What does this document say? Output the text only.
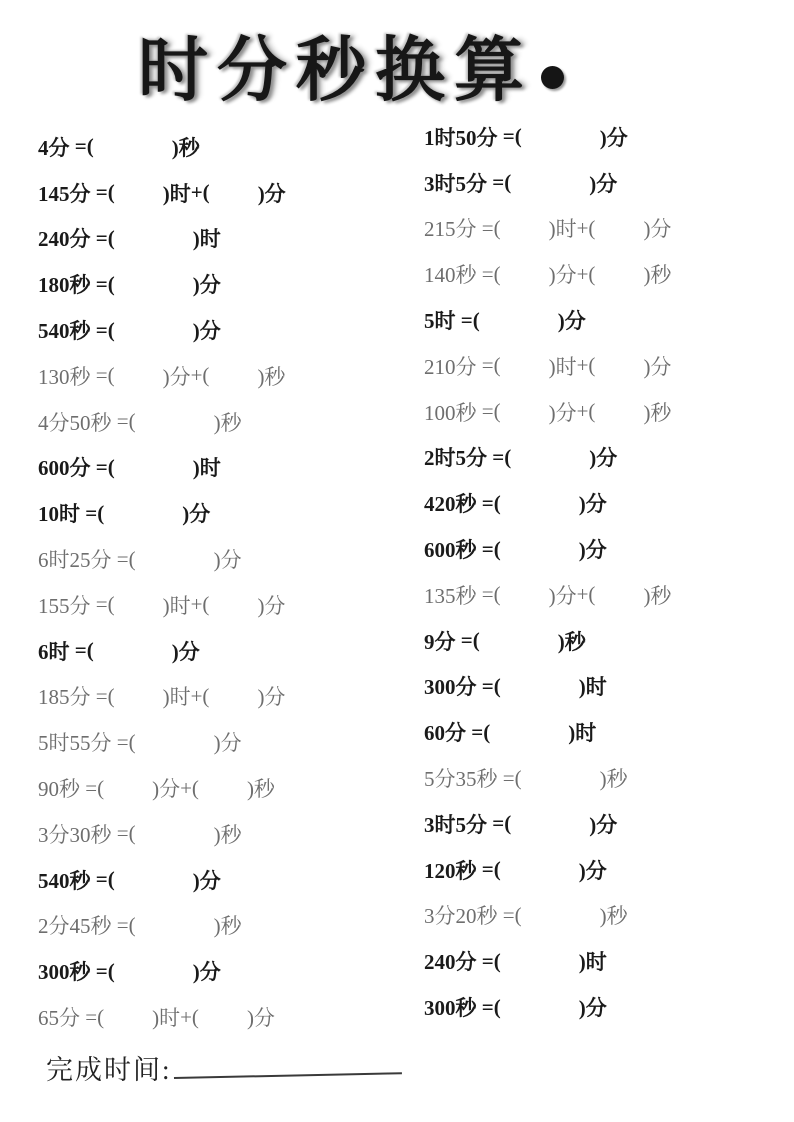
时分秒换算
4分 =(	)秒
145分 =( )时 +( )分
240分 =(	)时
180秒 =(	)分
540秒 =(	)分
130秒 =( )分 +( )秒
4分50秒 =(	)秒
600分 =(	)时
10时 =(	)分
6时25分 =(	)分
155分 =( )时 +( )分
6时 =(	)分
185分 =( )时 +( )分
5时55分 =(	)分
90秒 =( )分 +( )秒
3分30秒 =(	)秒
540秒 =(	)分
2分45秒 =(	)秒
300秒 =(	)分
65分 =( )时 +( )分
1时50分 =(	)分
3时5分 =(	)分
215分 =( )时 +( )分
140秒 =( )分 +( )秒
5时 =(	)分
210分 =( )时 +( )分
100秒 =( )分 +( )秒
2时5分 =(	)分
420秒 =(	)分
600秒 =(	)分
135秒 =( )分 +( )秒
9分 =(	)秒
300分 =(	)时
60分 =(	)时
5分35秒 =(	)秒
3时5分 =(	)分
120秒 =(	)分
3分20秒 =(	)秒
240分 =(	)时
300秒 =(	)分
完成时间:
